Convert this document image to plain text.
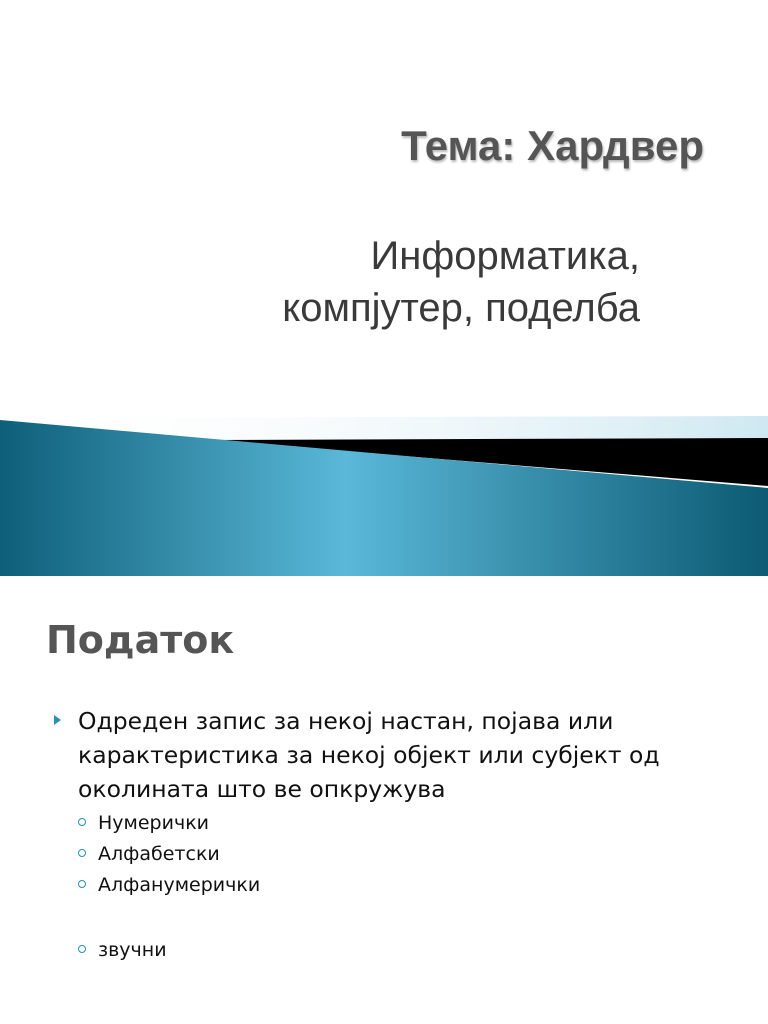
Тема: Хардвер
Информатика,
компјутер, поделба
Податок

Одреден запис за некој настан, појава или карактеристика за некој објект или субјект од околината што ве опкружува

Нумерички
Алфабетски
Алфанумерички
звучни
